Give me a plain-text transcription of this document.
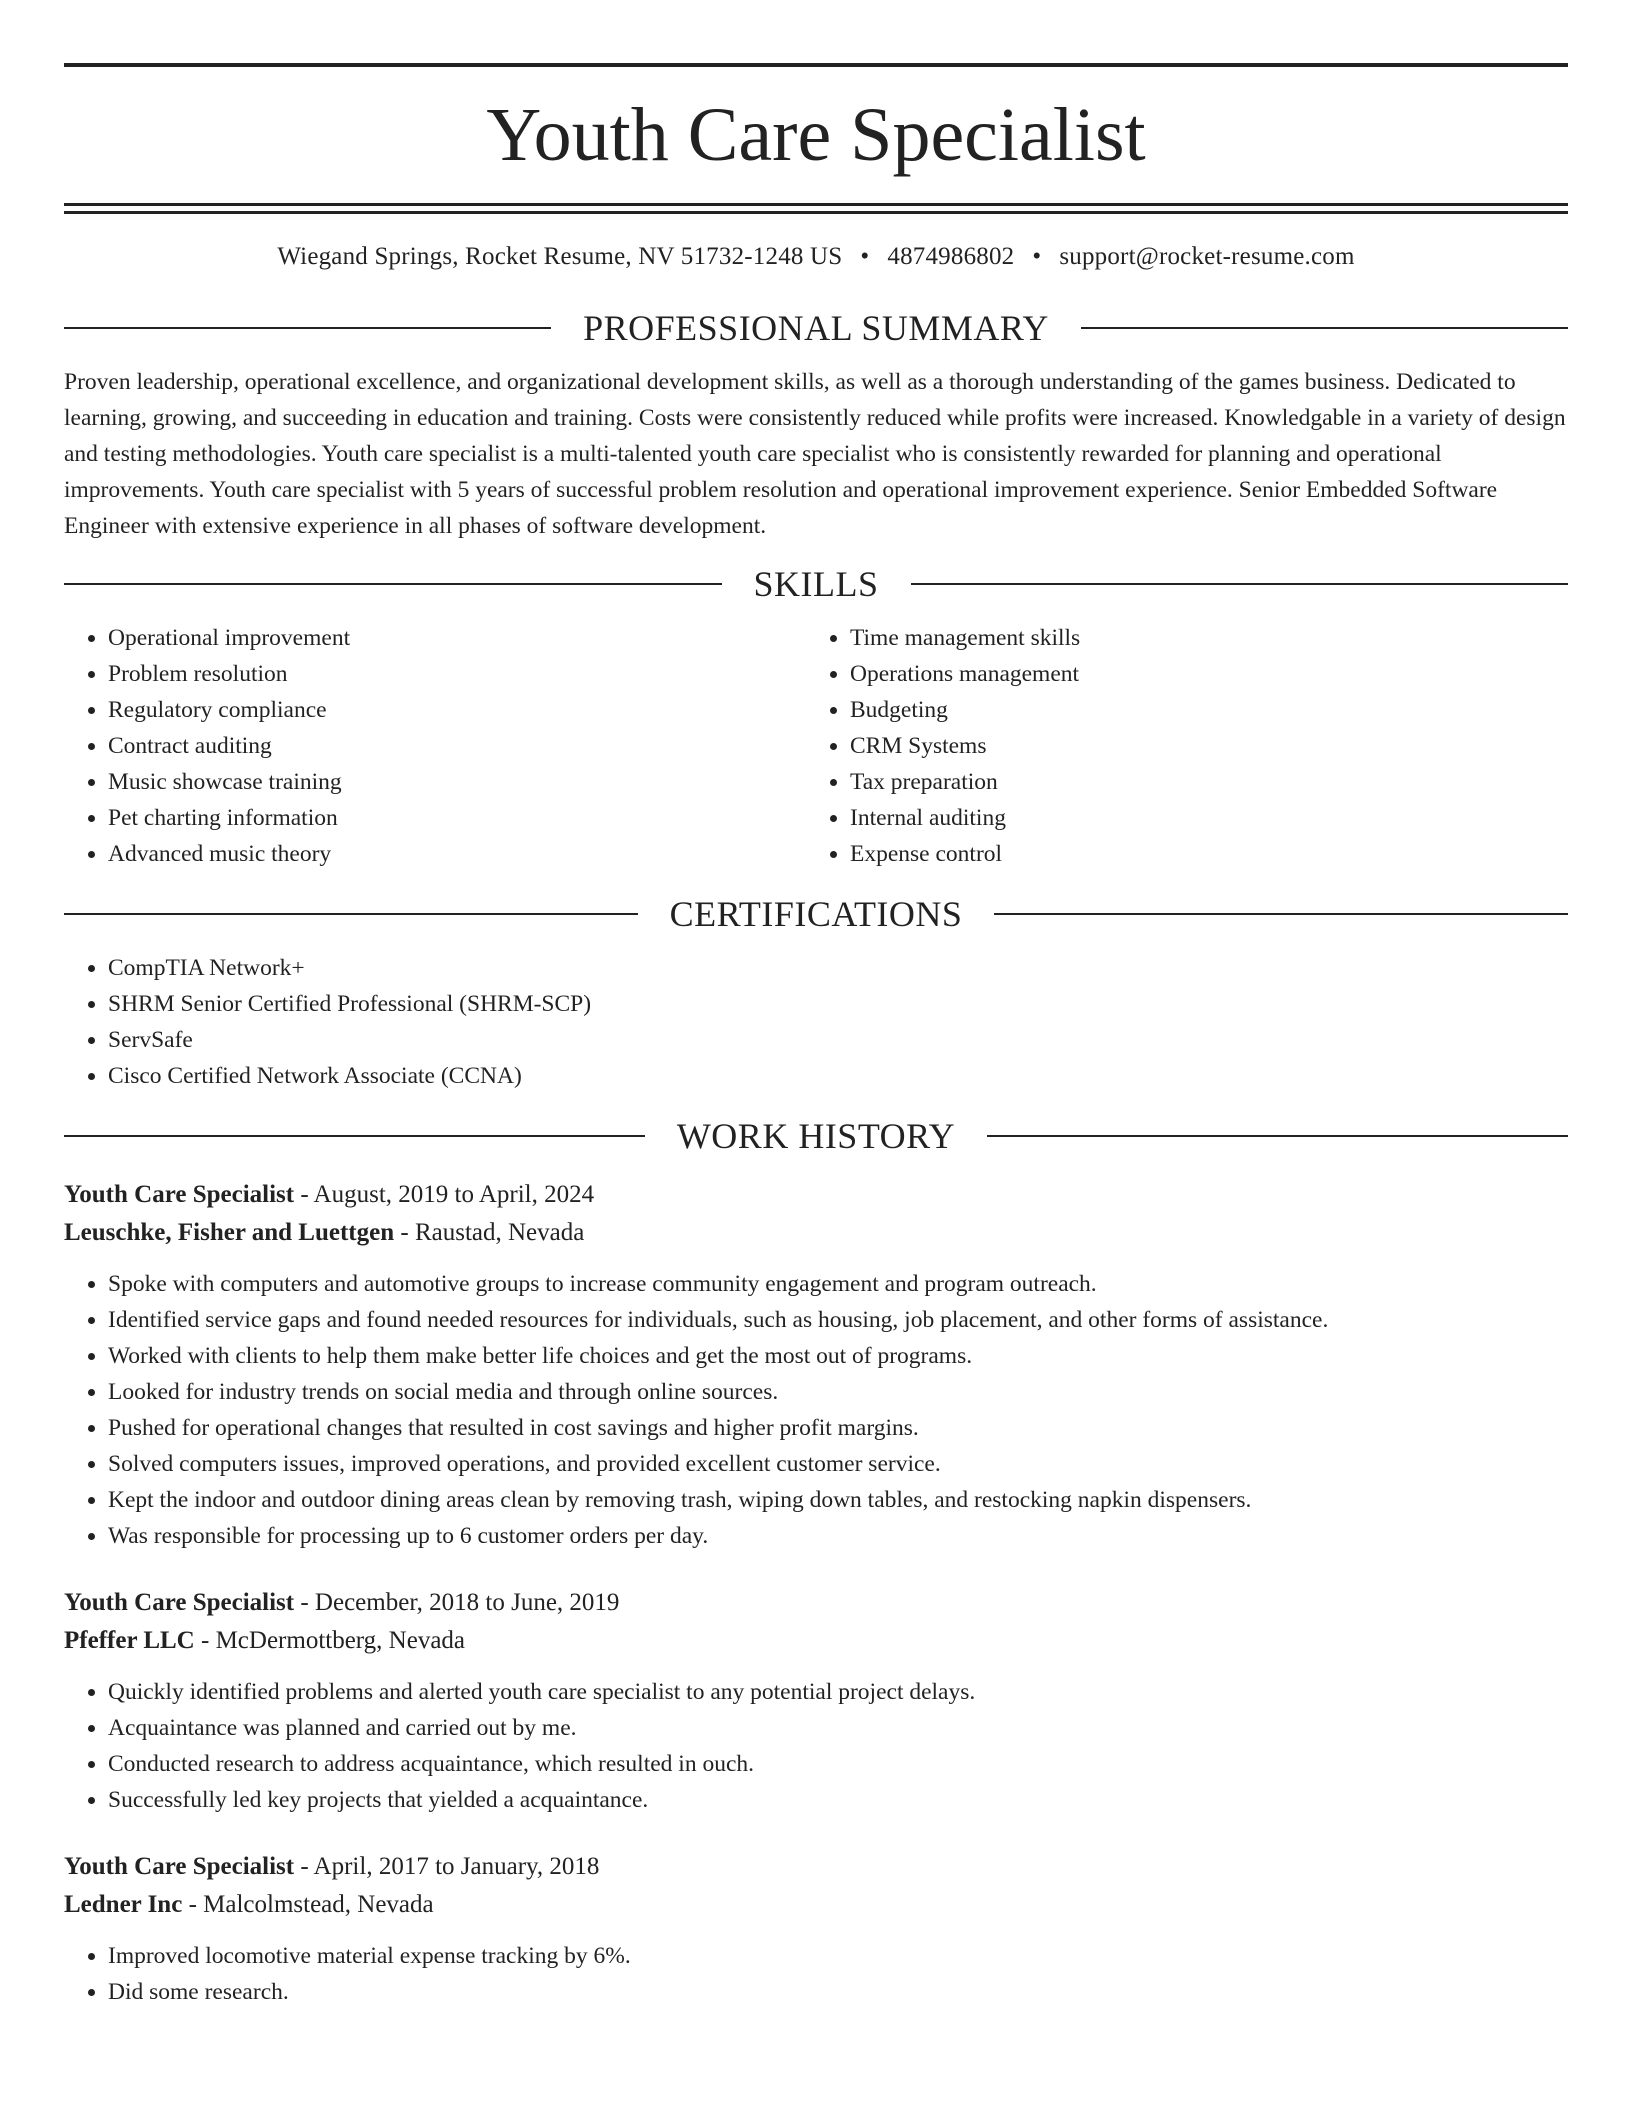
Youth Care Specialist
Wiegand Springs, Rocket Resume, NV 51732-1248 US • 4874986802 • support@rocket-resume.com
PROFESSIONAL SUMMARY
Proven leadership, operational excellence, and organizational development skills, as well as a thorough understanding of the games business. Dedicated to learning, growing, and succeeding in education and training. Costs were consistently reduced while profits were increased. Knowledgable in a variety of design and testing methodologies. Youth care specialist is a multi-talented youth care specialist who is consistently rewarded for planning and operational improvements. Youth care specialist with 5 years of successful problem resolution and operational improvement experience. Senior Embedded Software Engineer with extensive experience in all phases of software development.
SKILLS
• Operational improvement
• Problem resolution
• Regulatory compliance
• Contract auditing
• Music showcase training
• Pet charting information
• Advanced music theory
• Time management skills
• Operations management
• Budgeting
• CRM Systems
• Tax preparation
• Internal auditing
• Expense control
CERTIFICATIONS
• CompTIA Network+
• SHRM Senior Certified Professional (SHRM-SCP)
• ServSafe
• Cisco Certified Network Associate (CCNA)
WORK HISTORY
Youth Care Specialist - August, 2019 to April, 2024
Leuschke, Fisher and Luettgen - Raustad, Nevada
• Spoke with computers and automotive groups to increase community engagement and program outreach.
• Identified service gaps and found needed resources for individuals, such as housing, job placement, and other forms of assistance.
• Worked with clients to help them make better life choices and get the most out of programs.
• Looked for industry trends on social media and through online sources.
• Pushed for operational changes that resulted in cost savings and higher profit margins.
• Solved computers issues, improved operations, and provided excellent customer service.
• Kept the indoor and outdoor dining areas clean by removing trash, wiping down tables, and restocking napkin dispensers.
• Was responsible for processing up to 6 customer orders per day.
Youth Care Specialist - December, 2018 to June, 2019
Pfeffer LLC - McDermottberg, Nevada
• Quickly identified problems and alerted youth care specialist to any potential project delays.
• Acquaintance was planned and carried out by me.
• Conducted research to address acquaintance, which resulted in ouch.
• Successfully led key projects that yielded a acquaintance.
Youth Care Specialist - April, 2017 to January, 2018
Ledner Inc - Malcolmstead, Nevada
• Improved locomotive material expense tracking by 6%.
• Did some research.
